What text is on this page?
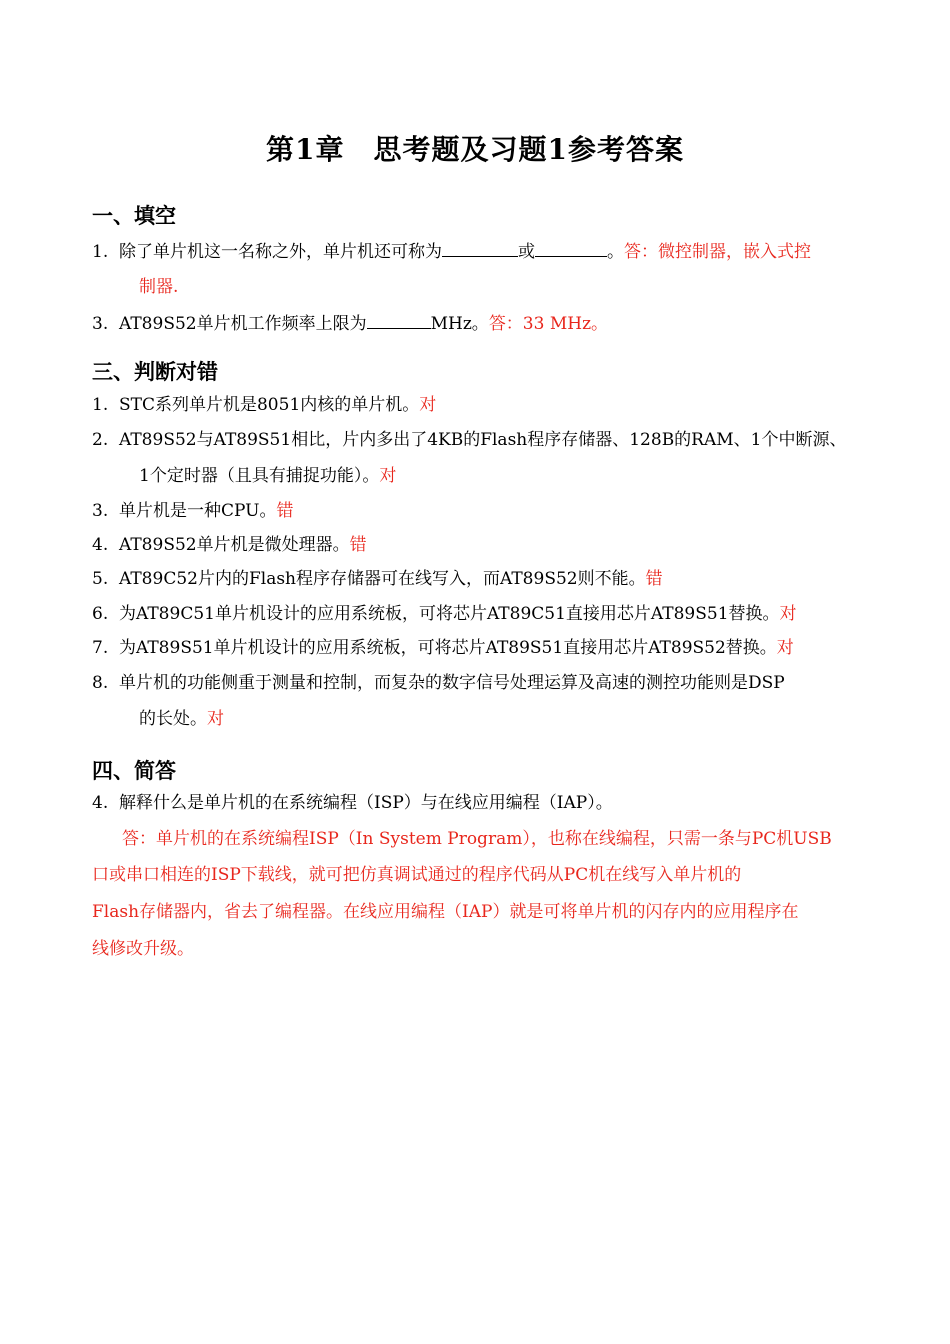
第1章　思考题及习题1参考答案
一、填空
1. 除了单片机这一名称之外，单片机还可称为	或	。答：微控制器，嵌入式控
制器.
3. AT89S52单片机工作频率上限为	MHz。答：33 MHz。
三、判断对错
1. STC系列单片机是8051内核的单片机。对
2. AT89S52与AT89S51相比，片内多出了4KB的Flash程序存储器、128B的RAM、1个中断源、
1个定时器（且具有捕捉功能）。对
3. 单片机是一种CPU。错
4. AT89S52单片机是微处理器。错
5. AT89C52片内的Flash程序存储器可在线写入，而AT89S52则不能。错
6. 为AT89C51单片机设计的应用系统板，可将芯片AT89C51直接用芯片AT89S51替换。对
7. 为AT89S51单片机设计的应用系统板，可将芯片AT89S51直接用芯片AT89S52替换。对
8. 单片机的功能侧重于测量和控制，而复杂的数字信号处理运算及高速的测控功能则是DSP
的长处。对
四、简答
4. 解释什么是单片机的在系统编程（ISP）与在线应用编程（IAP）。
答：单片机的在系统编程ISP（In System Program），也称在线编程，只需一条与PC机USB
口或串口相连的ISP下载线，就可把仿真调试通过的程序代码从PC机在线写入单片机的
Flash存储器内，省去了编程器。在线应用编程（IAP）就是可将单片机的闪存内的应用程序在
线修改升级。
